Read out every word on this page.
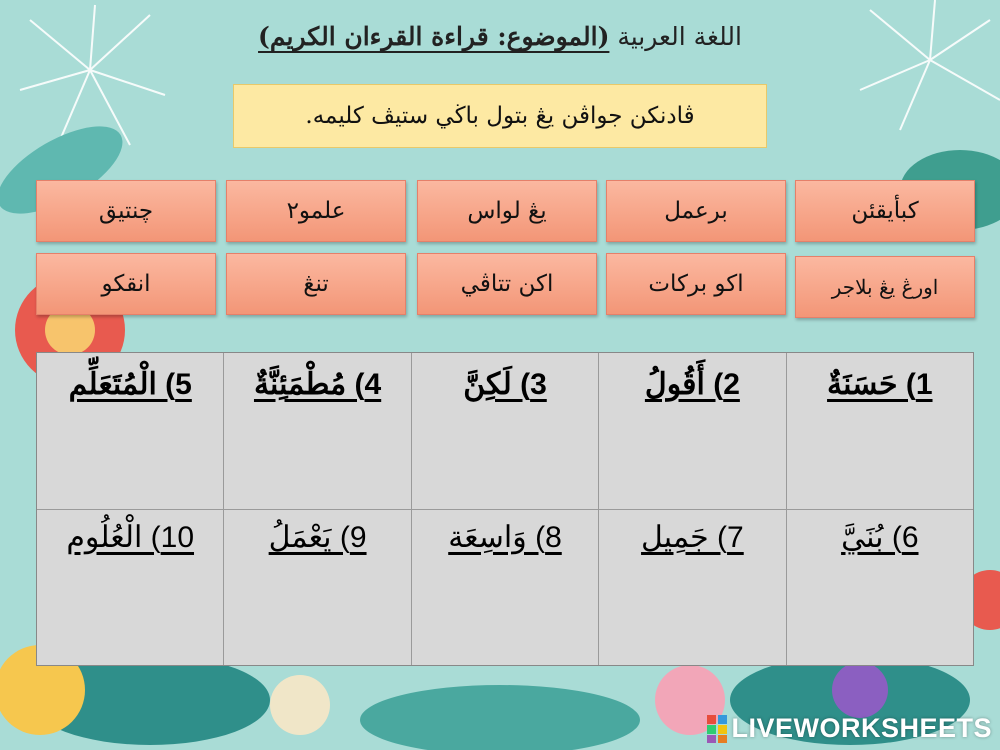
اللغة العربية (الموضوع: قراءة القرءان الكريم)
ڤادنكن جواڤن يڠ بتول باڬي ستيڤ كليمه.
كبأيقئن
برعمل
يڠ لواس
علمو٢
چنتيق
اورڠ يڠ بلاجر
اكو بركات
اكن تتاڤي
تنڠ
انقكو
5) الْمُتَعَلِّم	4) مُطْمَئِنَّةٌ	3) لَكِنَّ	2) أَقُولُ	1) حَسَنَةٌ
10) الْعُلُوم	9) يَعْمَلُ	8) وَاسِعَة	7) جَمِيل	6) بُنَيَّ
LIVEWORKSHEETS
